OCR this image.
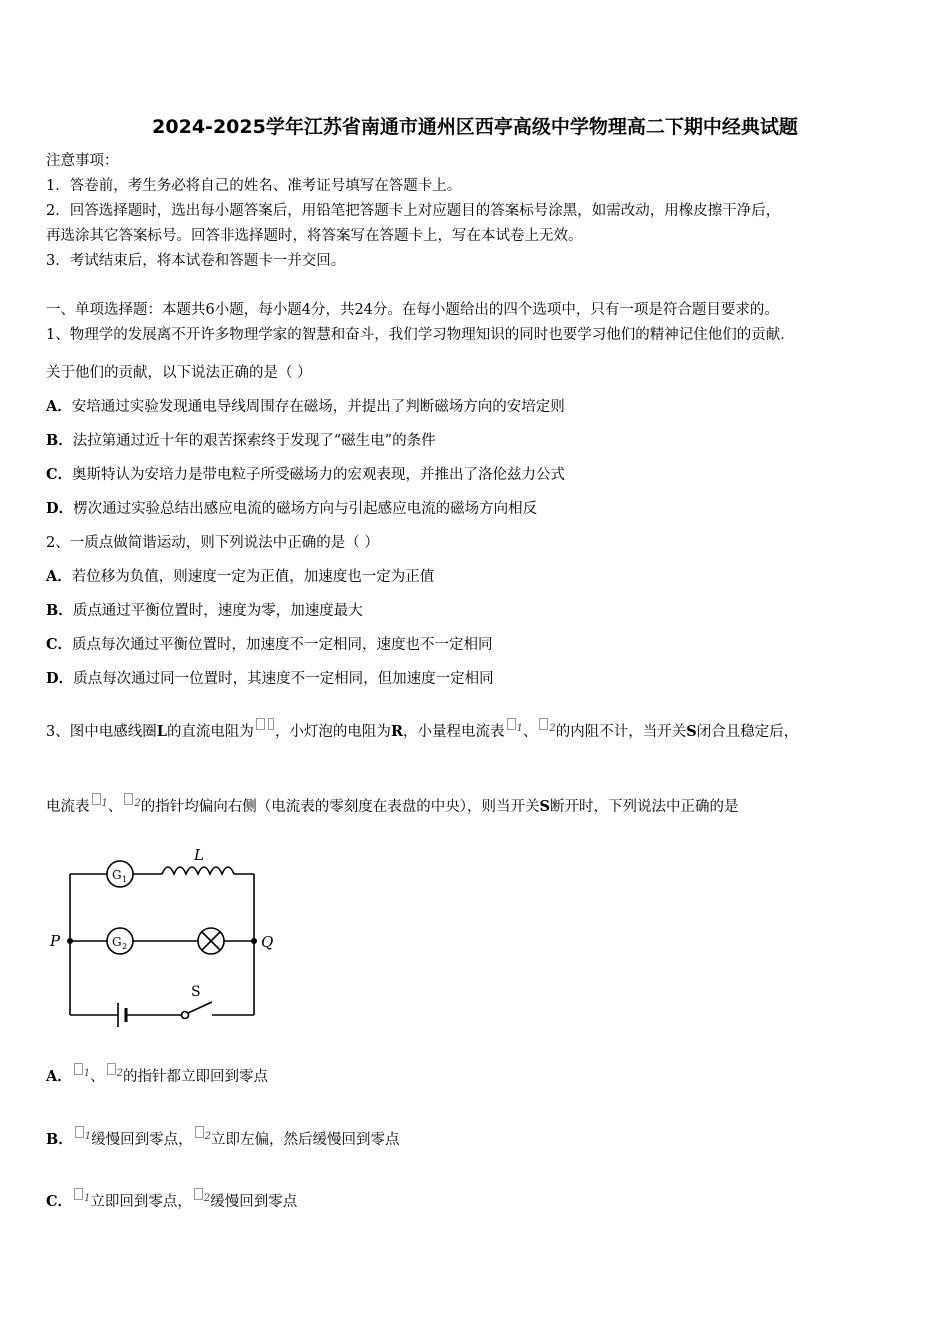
2024-2025学年江苏省南通市通州区西亭高级中学物理高二下期中经典试题
注意事项：
1．答卷前，考生务必将自己的姓名、准考证号填写在答题卡上。
2．回答选择题时，选出每小题答案后，用铅笔把答题卡上对应题目的答案标号涂黑，如需改动，用橡皮擦干净后，
再选涂其它答案标号。回答非选择题时，将答案写在答题卡上，写在本试卷上无效。
3．考试结束后，将本试卷和答题卡一并交回。
一、单项选择题：本题共6小题，每小题4分，共24分。在每小题给出的四个选项中，只有一项是符合题目要求的。
1、物理学的发展离不开许多物理学家的智慧和奋斗，我们学习物理知识的同时也要学习他们的精神记住他们的贡献．
关于他们的贡献，以下说法正确的是（ ）
A．安培通过实验发现通电导线周围存在磁场，并提出了判断磁场方向的安培定则
B．法拉第通过近十年的艰苦探索终于发现了“磁生电”的条件
C．奥斯特认为安培力是带电粒子所受磁场力的宏观表现，并推出了洛伦兹力公式
D．楞次通过实验总结出感应电流的磁场方向与引起感应电流的磁场方向相反
2、一质点做简谐运动，则下列说法中正确的是（ ）
A．若位移为负值，则速度一定为正值，加速度也一定为正值
B．质点通过平衡位置时，速度为零，加速度最大
C．质点每次通过平衡位置时，加速度不一定相同，速度也不一定相同
D．质点每次通过同一位置时，其速度不一定相同，但加速度一定相同
3、图中电感线圈L的直流电阻为 ，小灯泡的电阻为R，小量程电流表 $^1$、 $^2$的内阻不计，当开关S闭合且稳定后，
电流表 $^1$、 $^2$的指针均偏向右侧（电流表的零刻度在表盘的中央），则当开关S断开时，下列说法中正确的是
L
P	Q
G 1
G 2
S
A． $^1$、 $^2$的指针都立即回到零点
B． $^1$缓慢回到零点， $^2$立即左偏，然后缓慢回到零点
C． $^1$立即回到零点， $^2$缓慢回到零点
